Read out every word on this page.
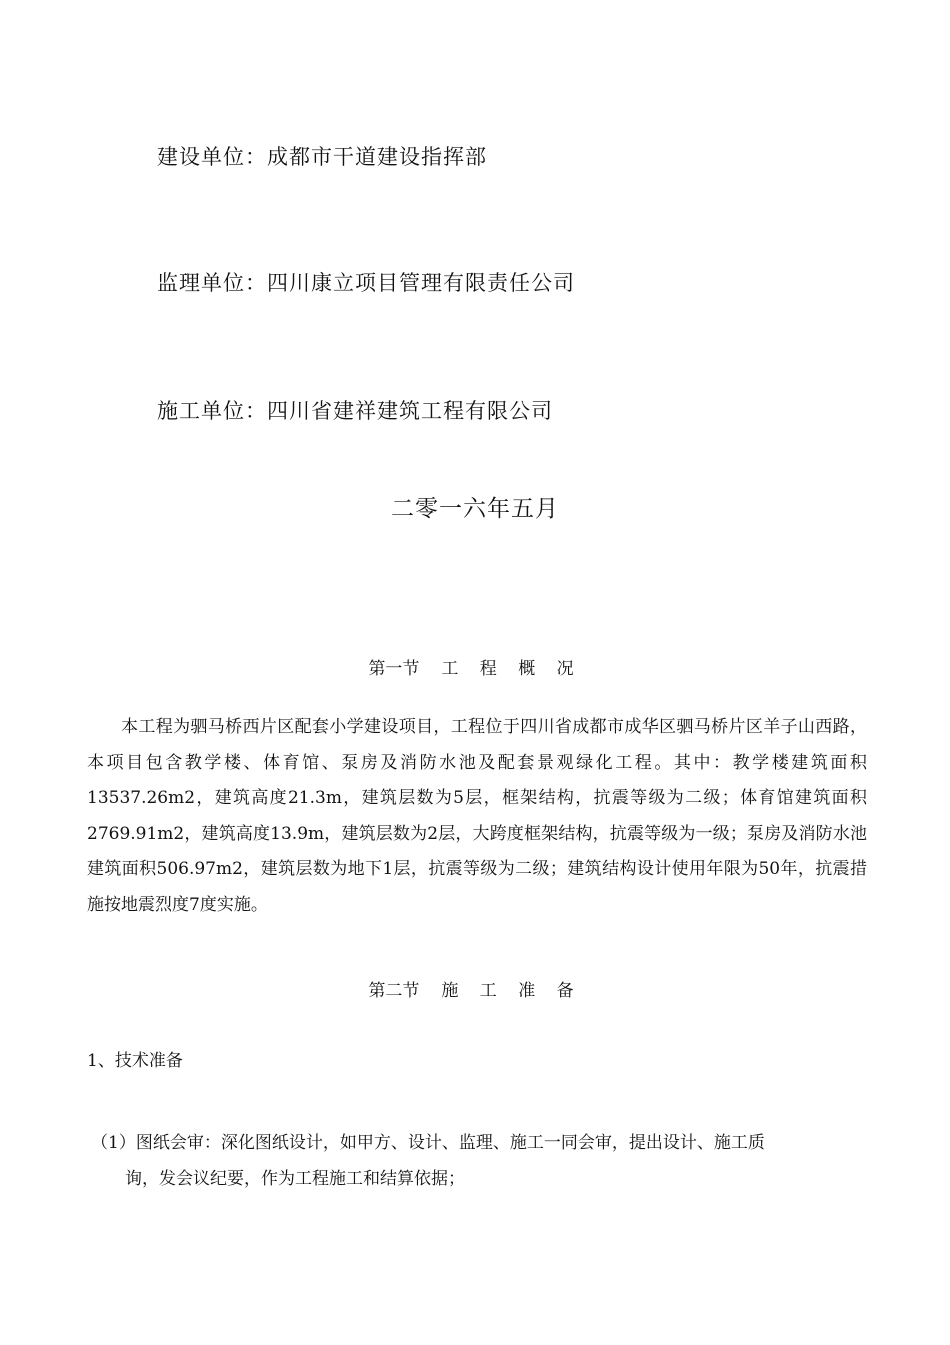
建设单位：成都市干道建设指挥部
监理单位：四川康立项目管理有限责任公司
施工单位：四川省建祥建筑工程有限公司
二零一六年五月
第一节 工 程 概 况

本工程为驷马桥西片区配套小学建设项目，工程位于四川省成都市成华区驷马桥片区羊子山西路，本项目包含教学楼、体育馆、泵房及消防水池及配套景观绿化工程。其中：教学楼建筑面积13537.26m2，建筑高度21.3m，建筑层数为5层，框架结构，抗震等级为二级；体育馆建筑面积2769.91m2，建筑高度13.9m，建筑层数为2层，大跨度框架结构，抗震等级为一级；泵房及消防水池建筑面积506.97m2，建筑层数为地下1层，抗震等级为二级；建筑结构设计使用年限为50年，抗震措施按地震烈度7度实施。

第二节 施 工 准 备
1、技术准备

（1）图纸会审：深化图纸设计，如甲方、设计、监理、施工一同会审，提出设计、施工质
询，发会议纪要，作为工程施工和结算依据；
